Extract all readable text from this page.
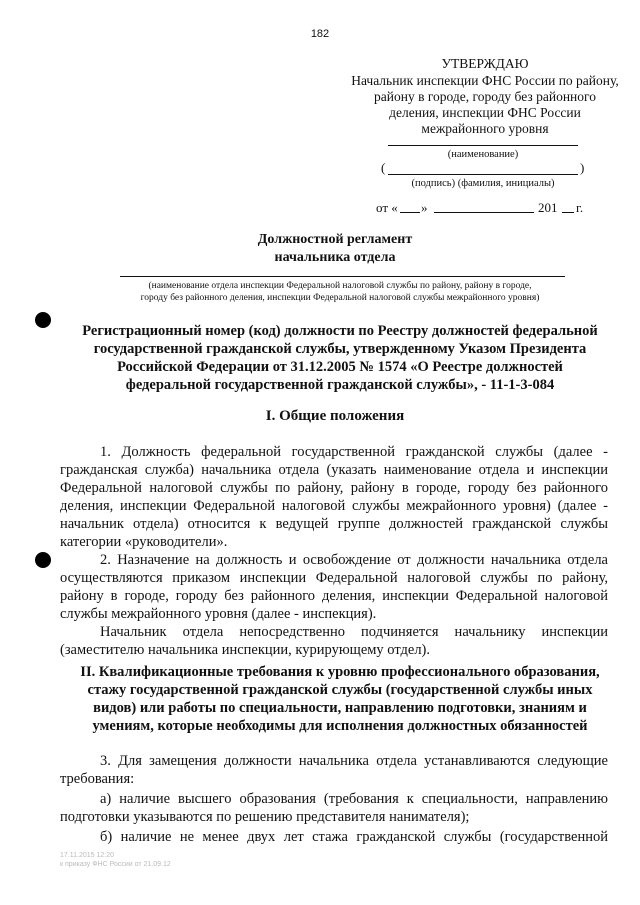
182
УТВЕРЖДАЮ
Начальник инспекции ФНС России по району,
району в городе, городу без районного
деления, инспекции ФНС России
межрайонного уровня
(наименование)
(	)
(подпись) (фамилия, инициалы)
от « »	201 г.
Должностной регламент
начальника отдела
(наименование отдела инспекции Федеральной налоговой службы по району, району в городе,
городу без районного деления, инспекции Федеральной налоговой службы межрайонного уровня)
Регистрационный номер (код) должности по Реестру должностей федеральной
государственной гражданской службы, утвержденному Указом Президента
Российской Федерации от 31.12.2005 № 1574 «О Реестре должностей
федеральной государственной гражданской службы», - 11-1-3-084
I. Общие положения
1. Должность федеральной государственной гражданской службы (далее - гражданская служба) начальника отдела (указать наименование отдела и инспекции Федеральной налоговой службы по району, району в городе, городу без районного деления, инспекции Федеральной налоговой службы межрайонного уровня) (далее - начальник отдела) относится к ведущей группе должностей гражданской службы категории «руководители».
2. Назначение на должность и освобождение от должности начальника отдела осуществляются приказом инспекции Федеральной налоговой службы по району, району в городе, городу без районного деления, инспекции Федеральной налоговой службы межрайонного уровня (далее - инспекция).
Начальник отдела непосредственно подчиняется начальнику инспекции (заместителю начальника инспекции, курирующему отдел).
II. Квалификационные требования к уровню профессионального образования,
стажу государственной гражданской службы (государственной службы иных
видов) или работы по специальности, направлению подготовки, знаниям и
умениям, которые необходимы для исполнения должностных обязанностей
3. Для замещения должности начальника отдела устанавливаются следующие требования:
а) наличие высшего образования (требования к специальности, направлению подготовки указываются по решению представителя нанимателя);
б) наличие не менее двух лет стажа гражданской службы (государственной
17.11.2015 12:20
к приказу ФНС России от 21.09.12
